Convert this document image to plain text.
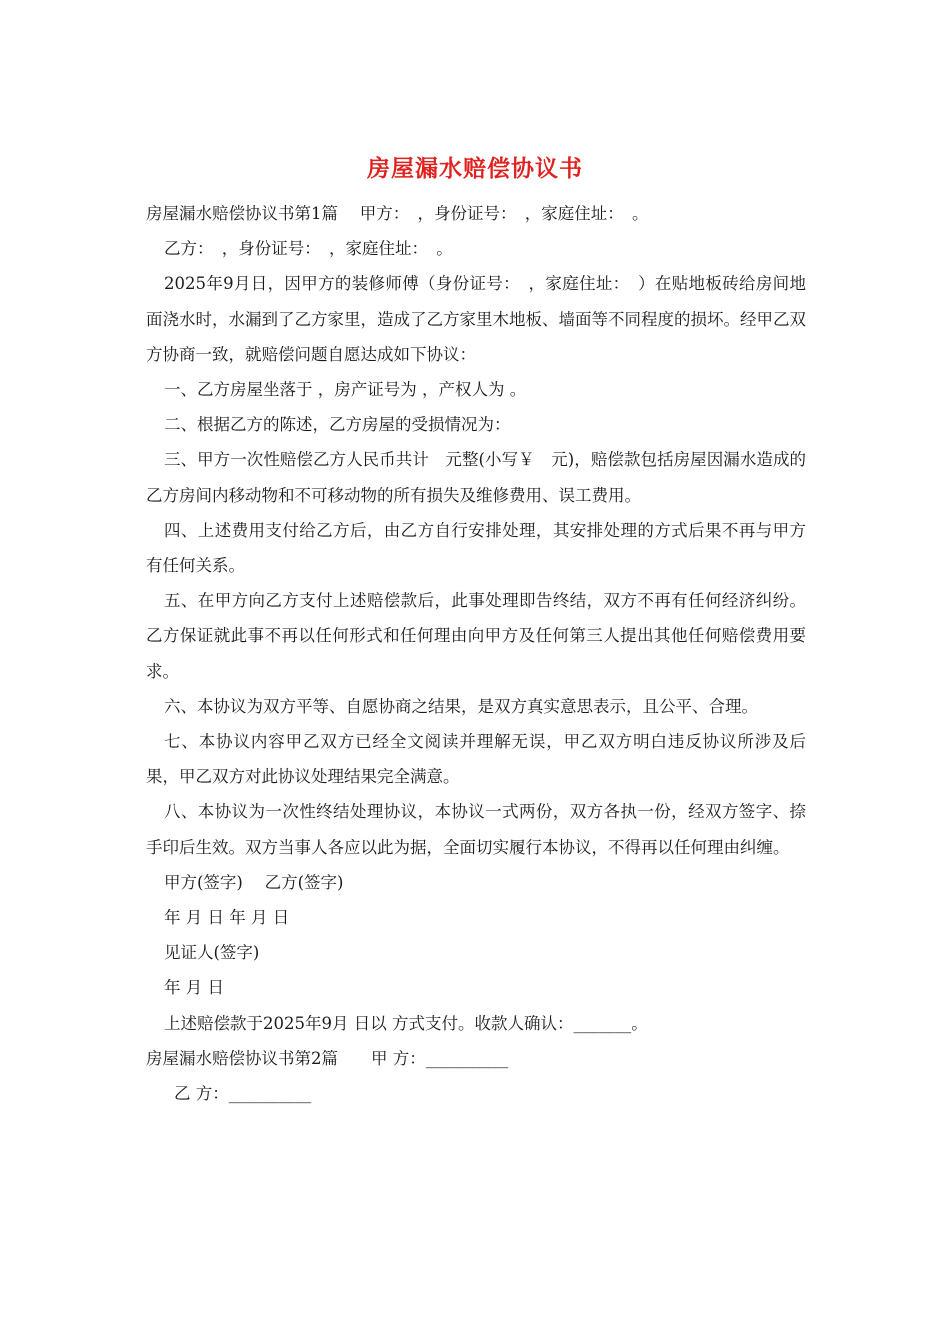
房屋漏水赔偿协议书
房屋漏水赔偿协议书第1篇　 甲方：　，身份证号：　，家庭住址：　。
乙方：　，身份证号：　，家庭住址：　。
2025年9月日，因甲方的装修师傅（身份证号：　，家庭住址：　）在贴地板砖给房间地面浇水时，水漏到了乙方家里，造成了乙方家里木地板、墙面等不同程度的损坏。经甲乙双方协商一致，就赔偿问题自愿达成如下协议：
一、乙方房屋坐落于 ，房产证号为 ，产权人为 。
二、根据乙方的陈述，乙方房屋的受损情况为：
三、甲方一次性赔偿乙方人民币共计　元整(小写￥　元)，赔偿款包括房屋因漏水造成的乙方房间内移动物和不可移动物的所有损失及维修费用、误工费用。
四、上述费用支付给乙方后，由乙方自行安排处理，其安排处理的方式后果不再与甲方有任何关系。
五、在甲方向乙方支付上述赔偿款后，此事处理即告终结，双方不再有任何经济纠纷。乙方保证就此事不再以任何形式和任何理由向甲方及任何第三人提出其他任何赔偿费用要求。
六、本协议为双方平等、自愿协商之结果，是双方真实意思表示，且公平、合理。
七、本协议内容甲乙双方已经全文阅读并理解无误，甲乙双方明白违反协议所涉及后果，甲乙双方对此协议处理结果完全满意。
八、本协议为一次性终结处理协议，本协议一式两份，双方各执一份，经双方签字、捺手印后生效。双方当事人各应以此为据，全面切实履行本协议，不得再以任何理由纠缠。
甲方(签字)　 乙方(签字)
年 月 日 年 月 日
见证人(签字)
年 月 日
上述赔偿款于2025年9月 日以 方式支付。收款人确认：_______。
房屋漏水赔偿协议书第2篇　　甲 方：__________
乙 方：__________
